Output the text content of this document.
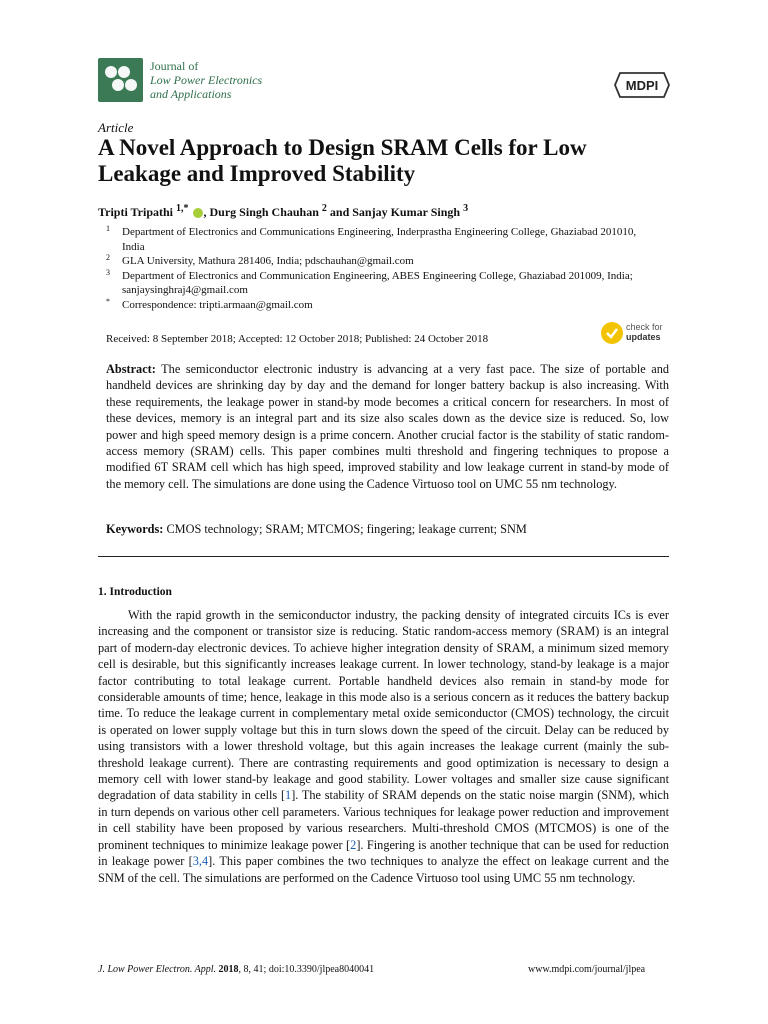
Journal of
Low Power Electronics
and Applications
MDPI
Article
A Novel Approach to Design SRAM Cells for Low Leakage and Improved Stability
Tripti Tripathi $^{1,*}$ , Durg Singh Chauhan $^2$ and Sanjay Kumar Singh $^3$
1 Department of Electronics and Communications Engineering, Inderprastha Engineering College, Ghaziabad 201010, India
2 GLA University, Mathura 281406, India; pdschauhan@gmail.com
3 Department of Electronics and Communication Engineering, ABES Engineering College, Ghaziabad 201009, India; sanjaysinghraj4@gmail.com
* Correspondence: tripti.armaan@gmail.com
Received: 8 September 2018; Accepted: 12 October 2018; Published: 24 October 2018
check for
updates
Abstract: The semiconductor electronic industry is advancing at a very fast pace. The size of portable and handheld devices are shrinking day by day and the demand for longer battery backup is also increasing. With these requirements, the leakage power in stand-by mode becomes a critical concern for researchers. In most of these devices, memory is an integral part and its size also scales down as the device size is reduced. So, low power and high speed memory design is a prime concern. Another crucial factor is the stability of static random-access memory (SRAM) cells. This paper combines multi threshold and fingering techniques to propose a modified 6T SRAM cell which has high speed, improved stability and low leakage current in stand-by mode of the memory cell. The simulations are done using the Cadence Virtuoso tool on UMC 55 nm technology.
Keywords: CMOS technology; SRAM; MTCMOS; fingering; leakage current; SNM
1. Introduction

With the rapid growth in the semiconductor industry, the packing density of integrated circuits ICs is ever increasing and the component or transistor size is reducing. Static random-access memory (SRAM) is an integral part of modern-day electronic devices. To achieve higher integration density of SRAM, a minimum sized memory cell is desirable, but this significantly increases leakage current. In lower technology, stand-by leakage is a major factor contributing to total leakage current. Portable handheld devices also remain in stand-by mode for considerable amounts of time; hence, leakage in this mode also is a serious concern as it reduces the battery backup time. To reduce the leakage current in complementary metal oxide semiconductor (CMOS) technology, the circuit is operated on lower supply voltage but this in turn slows down the speed of the circuit. Delay can be reduced by using transistors with a lower threshold voltage, but this again increases the leakage current (mainly the sub-threshold leakage current). There are contrasting requirements and good optimization is necessary to design a memory cell with lower stand-by leakage and good stability. Lower voltages and smaller size cause significant degradation of data stability in cells [1]. The stability of SRAM depends on the static noise margin (SNM), which in turn depends on various other cell parameters. Various techniques for leakage power reduction and improvement in cell stability have been proposed by various researchers. Multi-threshold CMOS (MTCMOS) is one of the prominent techniques to minimize leakage power [2]. Fingering is another technique that can be used for reduction in leakage power [3,4]. This paper combines the two techniques to analyze the effect on leakage current and the SNM of the cell. The simulations are performed on the Cadence Virtuoso tool using UMC 55 nm technology.

J. Low Power Electron. Appl. 2018, 8, 41; doi:10.3390/jlpea8040041	www.mdpi.com/journal/jlpea
